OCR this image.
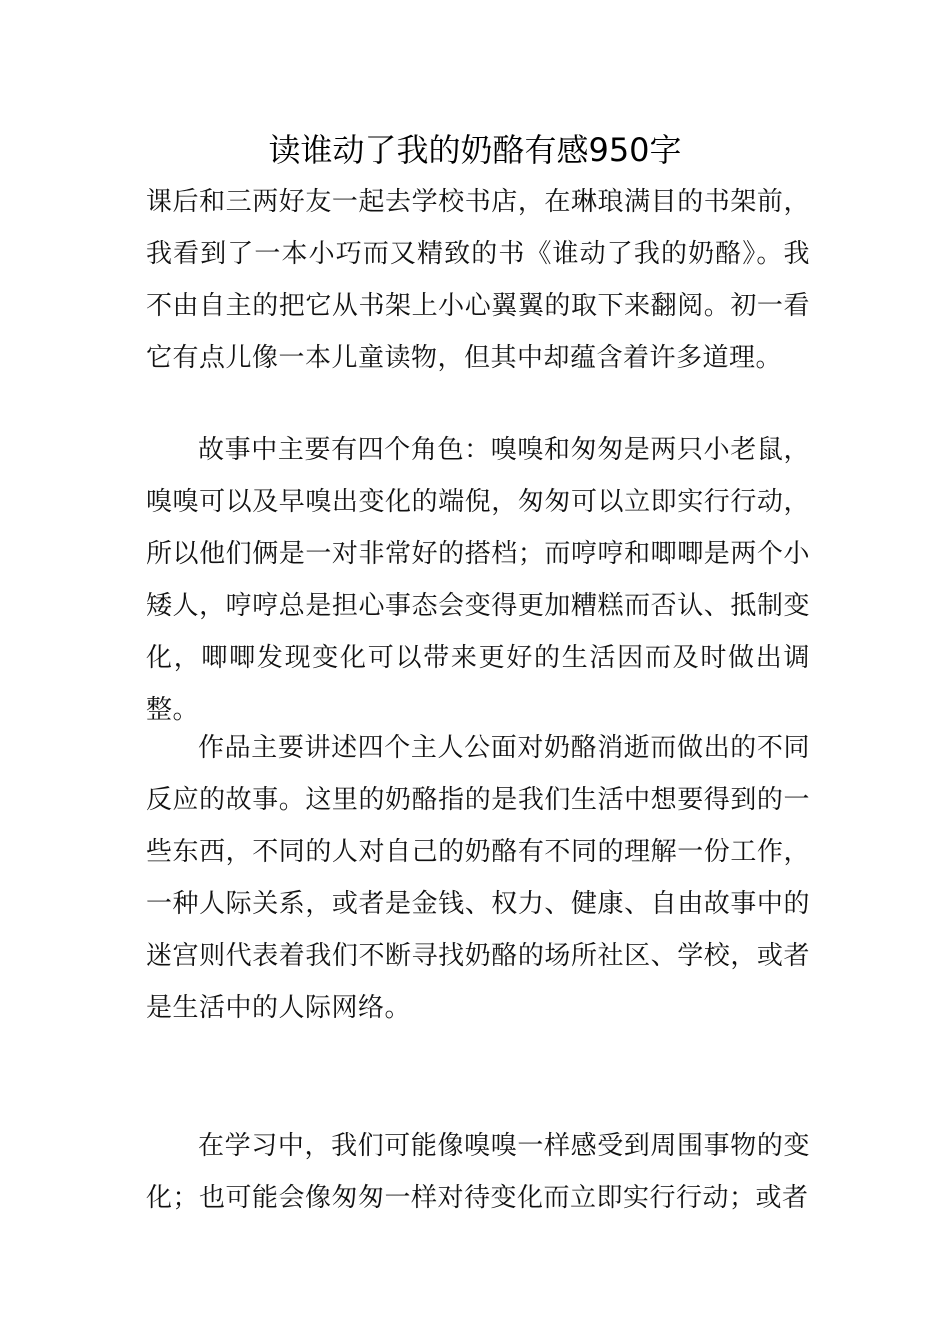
读谁动了我的奶酪有感950字

课后和三两好友一起去学校书店，在琳琅满目的书架前，我看到了一本小巧而又精致的书《谁动了我的奶酪》。我不由自主的把它从书架上小心翼翼的取下来翻阅。初一看它有点儿像一本儿童读物，但其中却蕴含着许多道理。

故事中主要有四个角色：嗅嗅和匆匆是两只小老鼠，嗅嗅可以及早嗅出变化的端倪，匆匆可以立即实行行动，所以他们俩是一对非常好的搭档；而哼哼和唧唧是两个小矮人，哼哼总是担心事态会变得更加糟糕而否认、抵制变化，唧唧发现变化可以带来更好的生活因而及时做出调整。

作品主要讲述四个主人公面对奶酪消逝而做出的不同反应的故事。这里的奶酪指的是我们生活中想要得到的一些东西，不同的人对自己的奶酪有不同的理解一份工作，一种人际关系，或者是金钱、权力、健康、自由故事中的迷宫则代表着我们不断寻找奶酪的场所社区、学校，或者是生活中的人际网络。

在学习中，我们可能像嗅嗅一样感受到周围事物的变化；也可能会像匆匆一样对待变化而立即实行行动；或者
